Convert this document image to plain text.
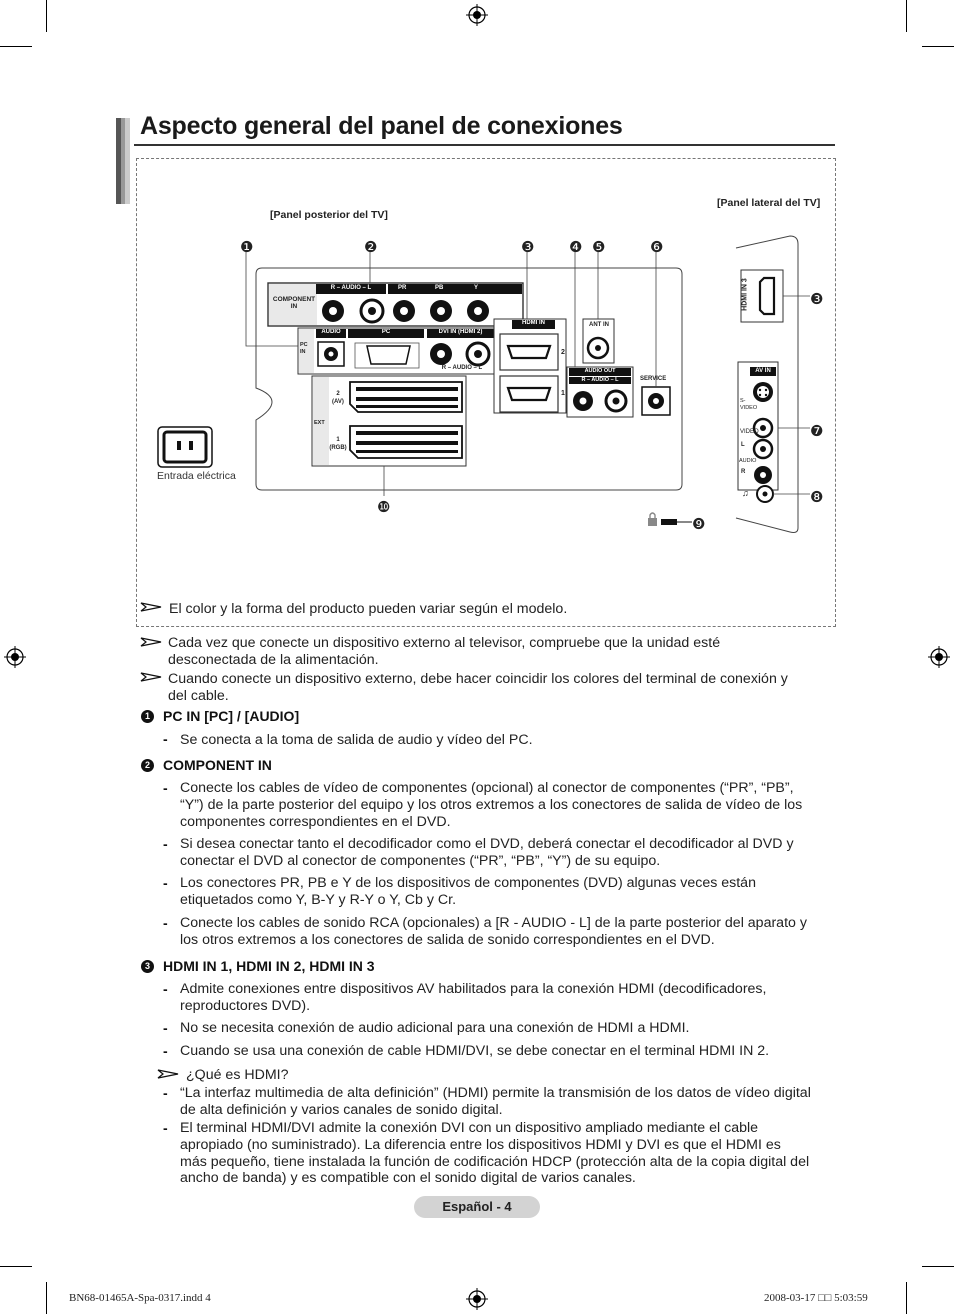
Aspecto general del panel de conexiones
[Panel posterior del TV]
[Panel lateral del TV]
COMPONENT IN
R – AUDIO – L	PR	PB	Y
AUDIO	PC
PC IN
DVI IN (HDMI 2)
R – AUDIO – L
HDMI IN
2
1
ANT IN
AUDIO OUT
R – AUDIO – L	SERVICE
EXT
2
(AV)
1
(RGB)
Entrada eléctrica
HDMI IN 3
AV IN
S-VIDEO
VIDEO
L
AUDIO
R
♫
❶	❷	❸ ❹ ❺	❻
❸
❼
❽
❾
❿
El color y la forma del producto pueden variar según el modelo.
Cada vez que conecte un dispositivo externo al televisor, compruebe que la unidad esté
desconectada de la alimentación.
Cuando conecte un dispositivo externo, debe hacer coincidir los colores del terminal de conexión y
del cable.
1 PC IN [PC] / [AUDIO]
- Se conecta a la toma de salida de audio y vídeo del PC.
2 COMPONENT IN
- Conecte los cables de vídeo de componentes (opcional) al conector de componentes (“PR”, “PB”,
“Y”) de la parte posterior del equipo y los otros extremos a los conectores de salida de vídeo de los
componentes correspondientes en el DVD.
- Si desea conectar tanto el decodificador como el DVD, deberá conectar el decodificador al DVD y
conectar el DVD al conector de componentes (“PR”, “PB”, “Y”) de su equipo.
- Los conectores PR, PB e Y de los dispositivos de componentes (DVD) algunas veces están
etiquetados como Y, B-Y y R-Y o Y, Cb y Cr.
- Conecte los cables de sonido RCA (opcionales) a [R - AUDIO - L] de la parte posterior del aparato y
los otros extremos a los conectores de salida de sonido correspondientes en el DVD.
3 HDMI IN 1, HDMI IN 2, HDMI IN 3
- Admite conexiones entre dispositivos AV habilitados para la conexión HDMI (decodificadores,
reproductores DVD).
- No se necesita conexión de audio adicional para una conexión de HDMI a HDMI.
- Cuando se usa una conexión de cable HDMI/DVI, se debe conectar en el terminal HDMI IN 2.
¿Qué es HDMI?
- “La interfaz multimedia de alta definición” (HDMI) permite la transmisión de los datos de vídeo digital
de alta definición y varios canales de sonido digital.
- El terminal HDMI/DVI admite la conexión DVI con un dispositivo ampliado mediante el cable
apropiado (no suministrado). La diferencia entre los dispositivos HDMI y DVI es que el HDMI es
más pequeño, tiene instalada la función de codificación HDCP (protección alta de la copia digital del
ancho de banda) y es compatible con el sonido digital de varios canales.
Español - 4
BN68-01465A-Spa-0317.indd 4	2008-03-17 □□ 5:03:59
